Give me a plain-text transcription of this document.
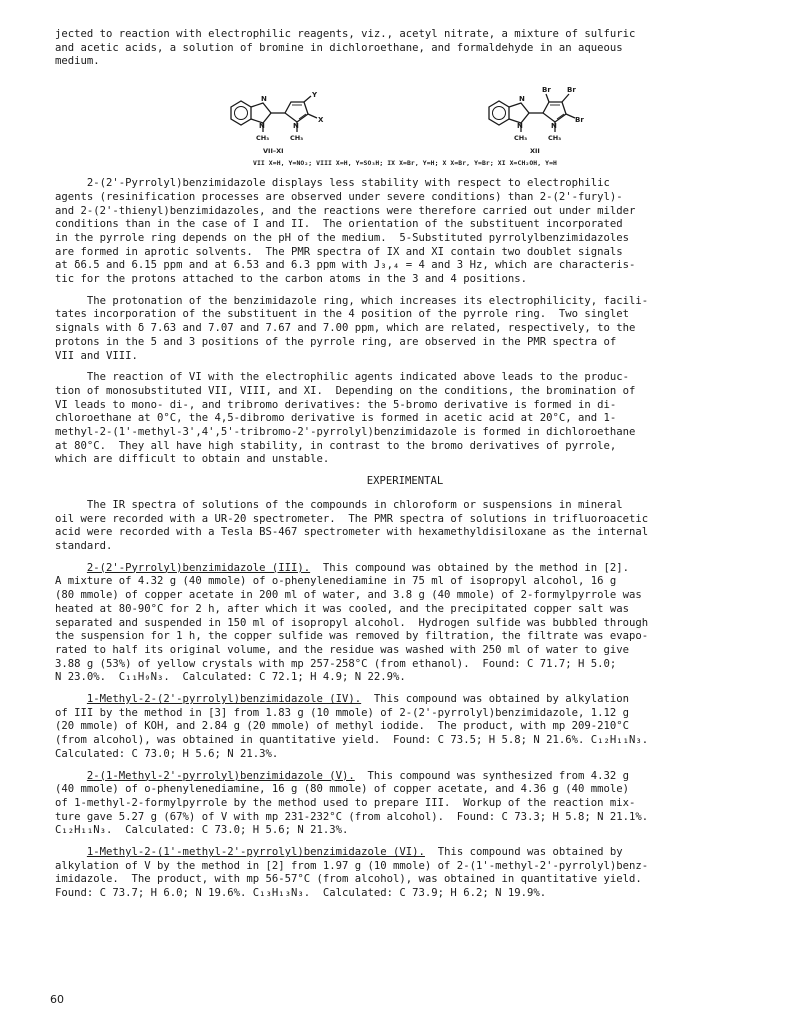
jected to reaction with electrophilic reagents, viz., acetyl nitrate, a mixture of sulfuric

and acetic acids, a solution of bromine in dichloroethane, and formaldehyde in an aqueous

medium.

N
N	N
Y
X
CH₃	CH₃
VII–XI
N
N	N
Br Br
Br
CH₃	CH₃
XII
VII X=H, Y=NO₂; VIII X=H, Y=SO₃H; IX X=Br, Y=H; X X=Br, Y=Br; XI X=CH₂OH, Y=H

2-(2'-Pyrrolyl)benzimidazole displays less stability with respect to electrophilic

agents (resinification processes are observed under severe conditions) than 2-(2'-furyl)-

and 2-(2'-thienyl)benzimidazoles, and the reactions were therefore carried out under milder

conditions than in the case of I and II.  The orientation of the substituent incorporated

in the pyrrole ring depends on the pH of the medium.  5-Substituted pyrrolylbenzimidazoles

are formed in aprotic solvents.  The PMR spectra of IX and XI contain two doublet signals

at δ6.5 and 6.15 ppm and at 6.53 and 6.3 ppm with J₃,₄ = 4 and 3 Hz, which are characteris-

tic for the protons attached to the carbon atoms in the 3 and 4 positions.

The protonation of the benzimidazole ring, which increases its electrophilicity, facili-

tates incorporation of the substituent in the 4 position of the pyrrole ring.  Two singlet

signals with δ 7.63 and 7.07 and 7.67 and 7.00 ppm, which are related, respectively, to the

protons in the 5 and 3 positions of the pyrrole ring, are observed in the PMR spectra of

VII and VIII.

The reaction of VI with the electrophilic agents indicated above leads to the produc-

tion of monosubstituted VII, VIII, and XI.  Depending on the conditions, the bromination of

VI leads to mono- di-, and tribromo derivatives: the 5-bromo derivative is formed in di-

chloroethane at 0°C, the 4,5-dibromo derivative is formed in acetic acid at 20°C, and 1-

methyl-2-(1'-methyl-3',4',5'-tribromo-2'-pyrrolyl)benzimidazole is formed in dichloroethane

at 80°C.  They all have high stability, in contrast to the bromo derivatives of pyrrole,

which are difficult to obtain and unstable.

EXPERIMENTAL

The IR spectra of solutions of the compounds in chloroform or suspensions in mineral

oil were recorded with a UR-20 spectrometer.  The PMR spectra of solutions in trifluoroacetic

acid were recorded with a Tesla BS-467 spectrometer with hexamethyldisiloxane as the internal

standard.

2-(2'-Pyrrolyl)benzimidazole (III).  This compound was obtained by the method in [2].

A mixture of 4.32 g (40 mmole) of o-phenylenediamine in 75 ml of isopropyl alcohol, 16 g

(80 mmole) of copper acetate in 200 ml of water, and 3.8 g (40 mmole) of 2-formylpyrrole was

heated at 80-90°C for 2 h, after which it was cooled, and the precipitated copper salt was

separated and suspended in 150 ml of isopropyl alcohol.  Hydrogen sulfide was bubbled through

the suspension for 1 h, the copper sulfide was removed by filtration, the filtrate was evapo-

rated to half its original volume, and the residue was washed with 250 ml of water to give

3.88 g (53%) of yellow crystals with mp 257-258°C (from ethanol).  Found: C 71.7; H 5.0;

N 23.0%.  C₁₁H₉N₃.  Calculated: C 72.1; H 4.9; N 22.9%.

1-Methyl-2-(2'-pyrrolyl)benzimidazole (IV).  This compound was obtained by alkylation

of III by the method in [3] from 1.83 g (10 mmole) of 2-(2'-pyrrolyl)benzimidazole, 1.12 g

(20 mmole) of KOH, and 2.84 g (20 mmole) of methyl iodide.  The product, with mp 209-210°C

(from alcohol), was obtained in quantitative yield.  Found: C 73.5; H 5.8; N 21.6%. C₁₂H₁₁N₃.

Calculated: C 73.0; H 5.6; N 21.3%.

2-(1-Methyl-2'-pyrrolyl)benzimidazole (V).  This compound was synthesized from 4.32 g

(40 mmole) of o-phenylenediamine, 16 g (80 mmole) of copper acetate, and 4.36 g (40 mmole)

of 1-methyl-2-formylpyrrole by the method used to prepare III.  Workup of the reaction mix-

ture gave 5.27 g (67%) of V with mp 231-232°C (from alcohol).  Found: C 73.3; H 5.8; N 21.1%.

C₁₂H₁₁N₃.  Calculated: C 73.0; H 5.6; N 21.3%.

1-Methyl-2-(1'-methyl-2'-pyrrolyl)benzimidazole (VI).  This compound was obtained by

alkylation of V by the method in [2] from 1.97 g (10 mmole) of 2-(1'-methyl-2'-pyrrolyl)benz-

imidazole.  The product, with mp 56-57°C (from alcohol), was obtained in quantitative yield.

Found: C 73.7; H 6.0; N 19.6%. C₁₃H₁₃N₃.  Calculated: C 73.9; H 6.2; N 19.9%.

60
